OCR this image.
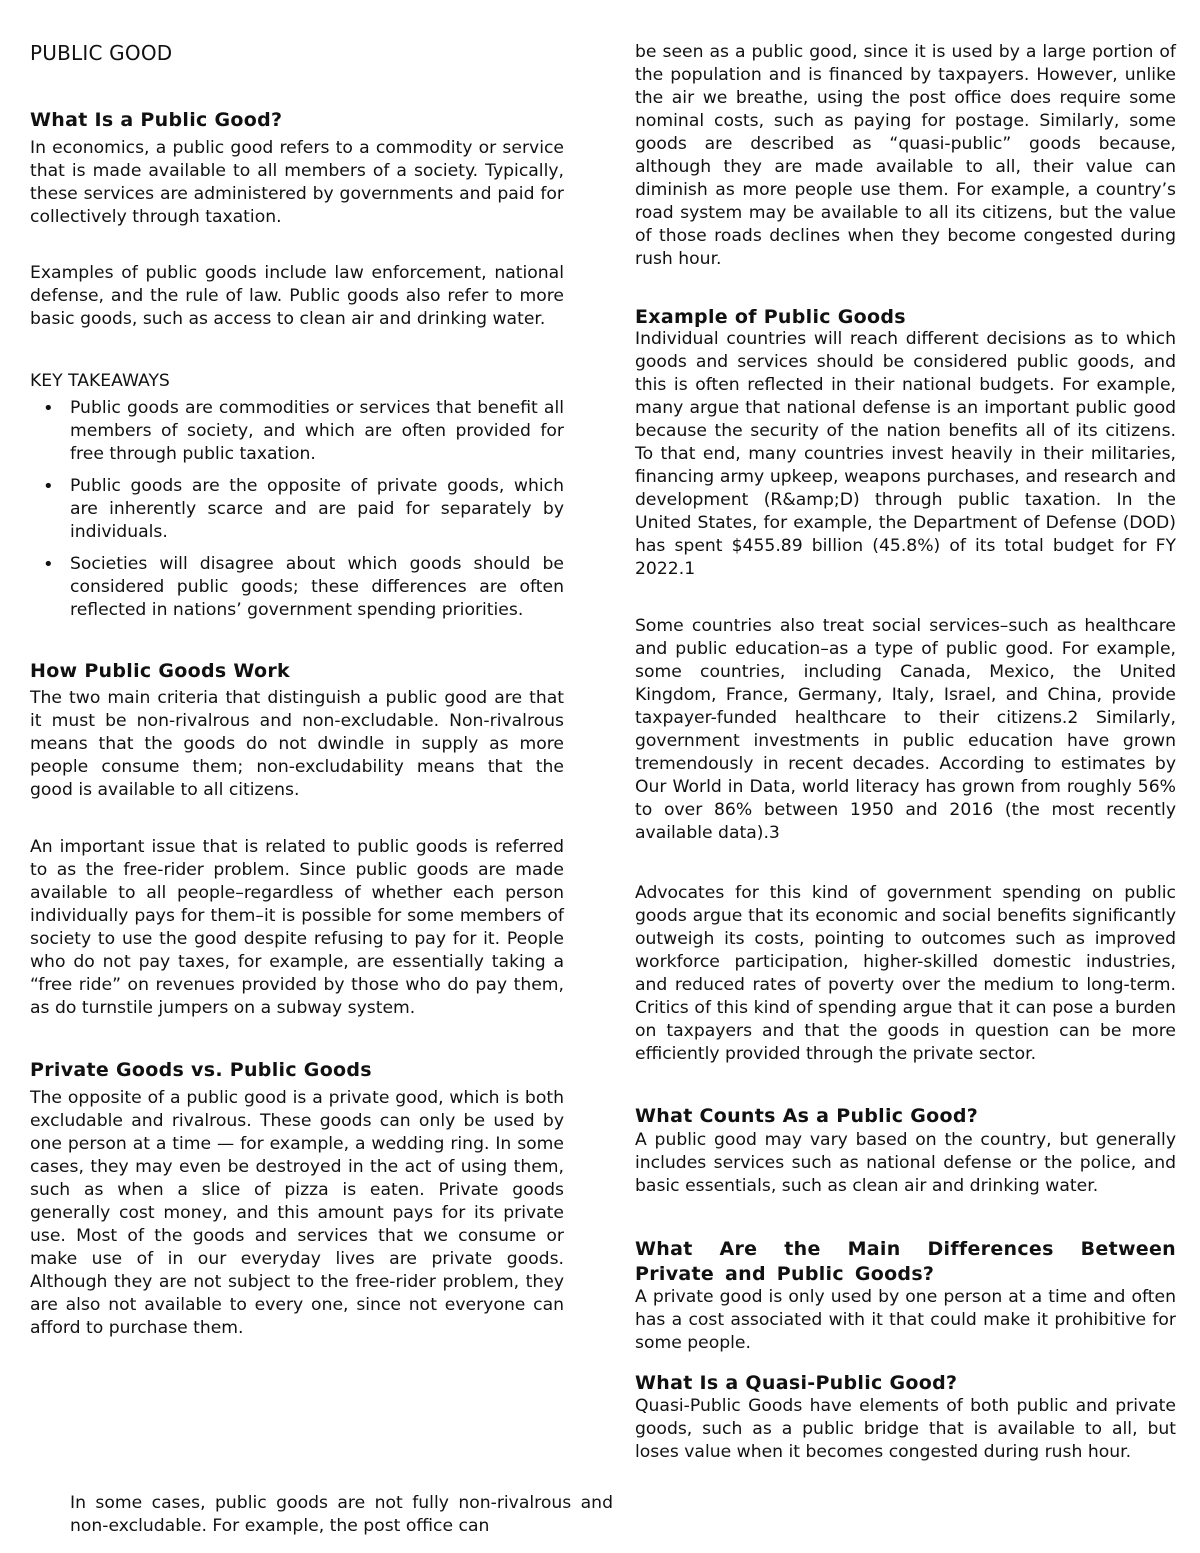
PUBLIC GOOD
What Is a Public Good?

In economics, a public good refers to a commodity or service that is made available to all members of a society. Typically, these services are administered by governments and paid for collectively through taxation.

Examples of public goods include law enforcement, national defense, and the rule of law. Public goods also refer to more basic goods, such as access to clean air and drinking water.

KEY TAKEAWAYS
• Public goods are commodities or services that benefit all members of society, and which are often provided for free through public taxation.
• Public goods are the opposite of private goods, which are inherently scarce and are paid for separately by individuals.
• Societies will disagree about which goods should be considered public goods; these differences are often reflected in nations’ government spending priorities.
How Public Goods Work

The two main criteria that distinguish a public good are that it must be non-rivalrous and non-excludable. Non-rivalrous means that the goods do not dwindle in supply as more people consume them; non-excludability means that the good is available to all citizens.

An important issue that is related to public goods is referred to as the free-rider problem. Since public goods are made available to all people–regardless of whether each person individually pays for them–it is possible for some members of society to use the good despite refusing to pay for it. People who do not pay taxes, for example, are essentially taking a “free ride” on revenues provided by those who do pay them, as do turnstile jumpers on a subway system.

Private Goods vs. Public Goods

The opposite of a public good is a private good, which is both excludable and rivalrous. These goods can only be used by one person at a time — for example, a wedding ring. In some cases, they may even be destroyed in the act of using them, such as when a slice of pizza is eaten. Private goods generally cost money, and this amount pays for its private use. Most of the goods and services that we consume or make use of in our everyday lives are private goods. Although they are not subject to the free-rider problem, they are also not available to every one, since not everyone can afford to purchase them.

In some cases, public goods are not fully non-rivalrous and non-excludable. For example, the post office can

be seen as a public good, since it is used by a large portion of the population and is financed by taxpayers. However, unlike the air we breathe, using the post office does require some nominal costs, such as paying for postage. Similarly, some goods are described as “quasi-public” goods because, although they are made available to all, their value can diminish as more people use them. For example, a country’s road system may be available to all its citizens, but the value of those roads declines when they become congested during rush hour.

Example of Public Goods

Individual countries will reach different decisions as to which goods and services should be considered public goods, and this is often reflected in their national budgets. For example, many argue that national defense is an important public good because the security of the nation benefits all of its citizens. To that end, many countries invest heavily in their militaries, financing army upkeep, weapons purchases, and research and development (R&amp;D) through public taxation. In the United States, for example, the Department of Defense (DOD) has spent $455.89 billion (45.8%) of its total budget for FY 2022.1

Some countries also treat social services–such as healthcare and public education–as a type of public good. For example, some countries, including Canada, Mexico, the United Kingdom, France, Germany, Italy, Israel, and China, provide taxpayer-funded healthcare to their citizens.2 Similarly, government investments in public education have grown tremendously in recent decades. According to estimates by Our World in Data, world literacy has grown from roughly 56% to over 86% between 1950 and 2016 (the most recently available data).3

Advocates for this kind of government spending on public goods argue that its economic and social benefits significantly outweigh its costs, pointing to outcomes such as improved workforce participation, higher-skilled domestic industries, and reduced rates of poverty over the medium to long-term. Critics of this kind of spending argue that it can pose a burden on taxpayers and that the goods in question can be more efficiently provided through the private sector.

What Counts As a Public Good?

A public good may vary based on the country, but generally includes services such as national defense or the police, and basic essentials, such as clean air and drinking water.

What Are the Main Differences Between Private and Public Goods?

A private good is only used by one person at a time and often has a cost associated with it that could make it prohibitive for some people.

What Is a Quasi-Public Good?

Quasi-Public Goods have elements of both public and private goods, such as a public bridge that is available to all, but loses value when it becomes congested during rush hour.
